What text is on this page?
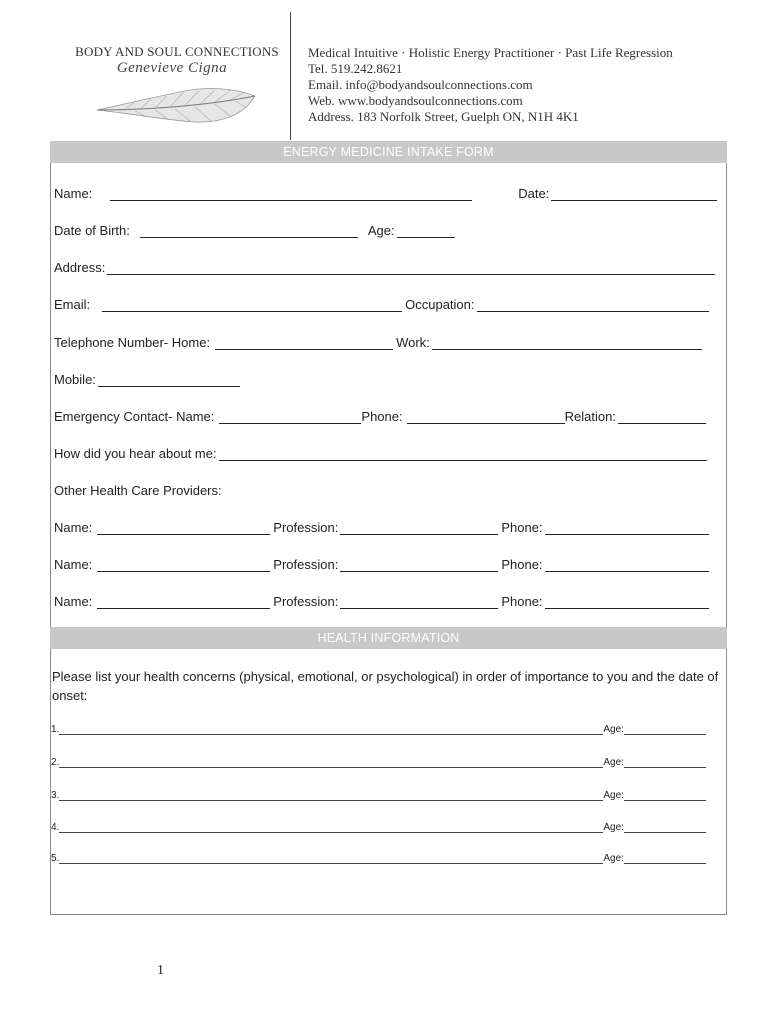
BODY AND SOUL CONNECTIONS
Genevieve Cigna
Medical Intuitive · Holistic Energy Practitioner · Past Life Regression
Tel. 519.242.8621
Email. info@bodyandsoulconnections.com
Web. www.bodyandsoulconnections.com
Address. 183 Norfolk Street, Guelph ON, N1H 4K1
ENERGY MEDICINE INTAKE FORM
Name:	Date:
Date of Birth:	Age:
Address:
Email:	Occupation:
Telephone Number- Home:	Work:
Mobile:
Emergency Contact- Name:	Phone:	Relation:
How did you hear about me:
Other Health Care Providers:
Name:	Profession:	Phone:
Name:	Profession:	Phone:
Name:	Profession:	Phone:
HEALTH INFORMATION
Please list your health concerns (physical, emotional, or psychological) in order of importance to you and the date of onset:
1.	Age:
2.	Age:
3.	Age:
4.	Age:
5.	Age:
1
